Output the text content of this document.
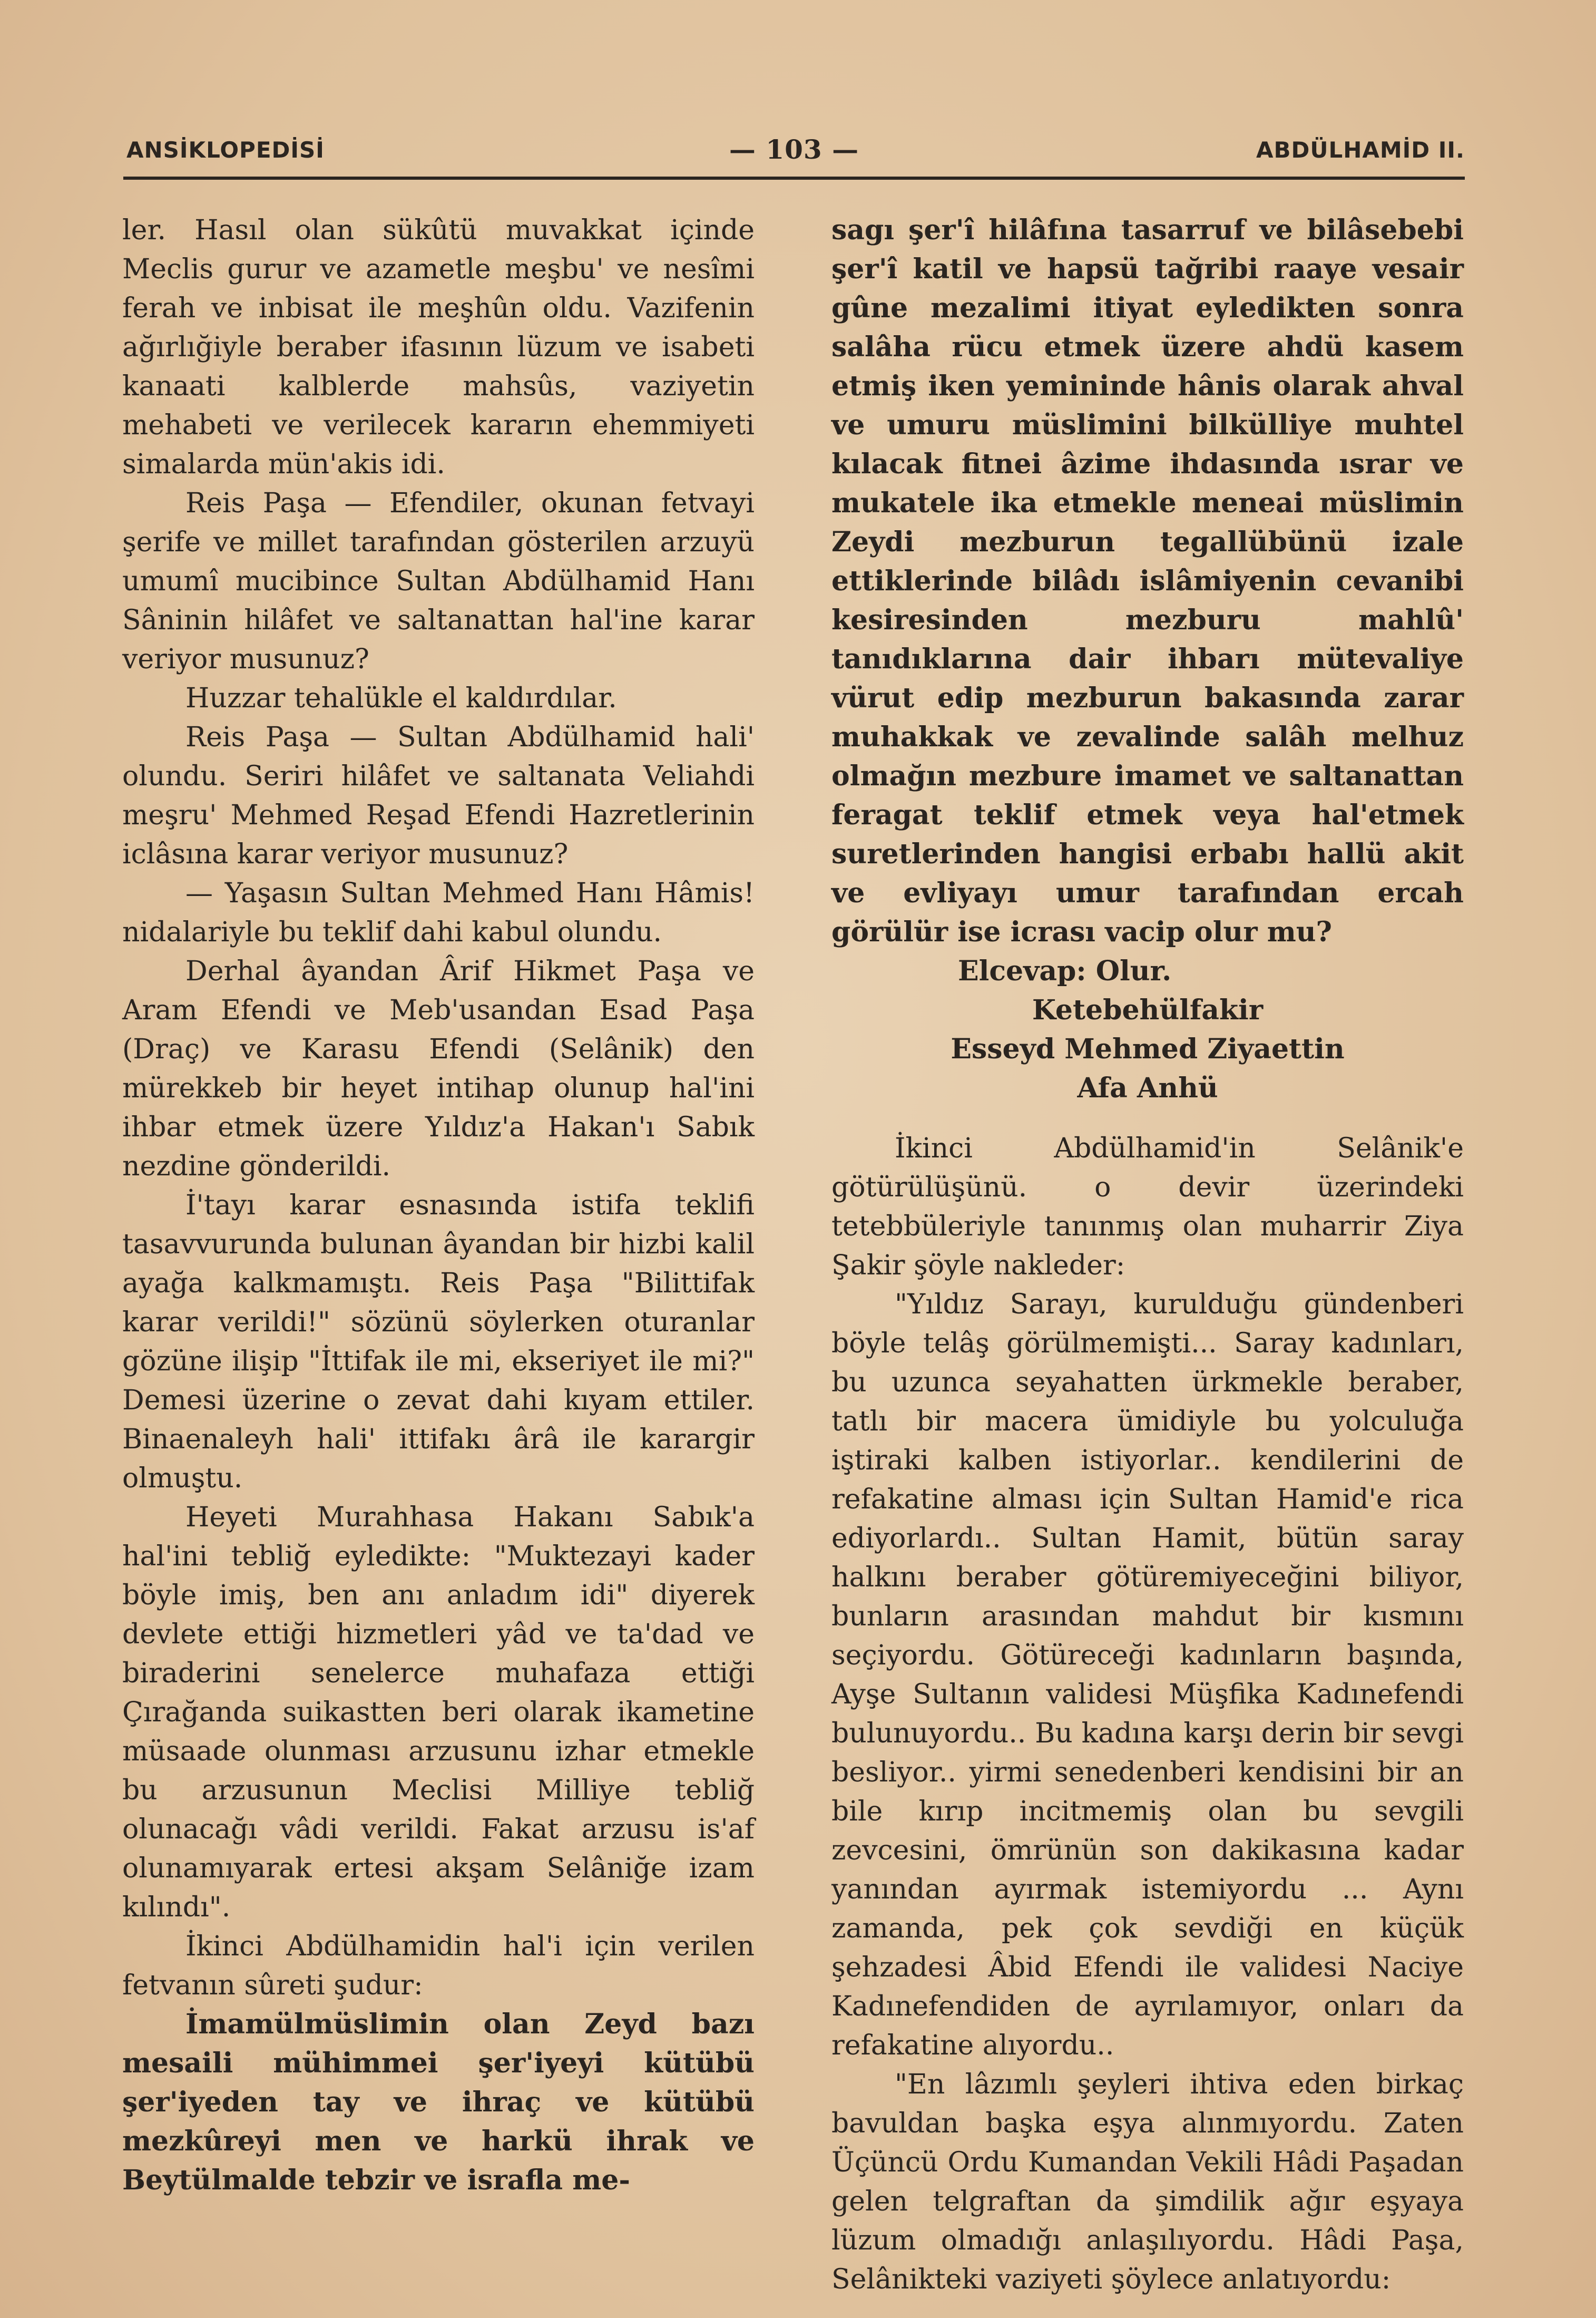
ANSİKLOPEDİSİ	— 103 —	ABDÜLHAMİD II.

ler. Hasıl olan sükûtü muvakkat içinde Meclis gurur ve azametle meşbu' ve nesîmi ferah ve inbisat ile meşhûn oldu. Vazifenin ağırlığiyle beraber ifasının lüzum ve isabeti kanaati kalblerde mahsûs, vaziyetin mehabeti ve verilecek kararın ehemmiyeti simalarda mün'akis idi.

Reis Paşa — Efendiler, okunan fetvayi şerife ve millet tarafından gösterilen arzuyü umumî mucibince Sultan Abdülhamid Hanı Sâninin hilâfet ve saltanattan hal'ine karar veriyor musunuz?

Huzzar tehalükle el kaldırdılar.

Reis Paşa — Sultan Abdülhamid hali' olundu. Seriri hilâfet ve saltanata Veliahdi meşru' Mehmed Reşad Efendi Hazretlerinin iclâsına karar veriyor musunuz?

— Yaşasın Sultan Mehmed Hanı Hâmis! nidalariyle bu teklif dahi kabul olundu.

Derhal âyandan Ârif Hikmet Paşa ve Aram Efendi ve Meb'usandan Esad Paşa (Draç) ve Karasu Efendi (Selânik) den mürekkeb bir heyet intihap olunup hal'ini ihbar etmek üzere Yıldız'a Hakan'ı Sabık nezdine gönderildi.

İ'tayı karar esnasında istifa teklifi tasavvurunda bulunan âyandan bir hizbi kalil ayağa kalkmamıştı. Reis Paşa "Bilittifak karar verildi!" sözünü söylerken oturanlar gözüne ilişip "İttifak ile mi, ekseriyet ile mi?" Demesi üzerine o zevat dahi kıyam ettiler. Binaenaleyh hali' ittifakı ârâ ile karargir olmuştu.

Heyeti Murahhasa Hakanı Sabık'a hal'ini tebliğ eyledikte: "Muktezayi kader böyle imiş, ben anı anladım idi" diyerek devlete ettiği hizmetleri yâd ve ta'dad ve biraderini senelerce muhafaza ettiği Çırağanda suikastten beri olarak ikametine müsaade olunması arzusunu izhar etmekle bu arzusunun Meclisi Milliye tebliğ olunacağı vâdi verildi. Fakat arzusu is'af olunamıyarak ertesi akşam Selâniğe izam kılındı".

İkinci Abdülhamidin hal'i için verilen fetvanın sûreti şudur:

İmamülmüslimin olan Zeyd bazı mesaili mühimmei şer'iyeyi kütübü şer'iyeden tay ve ihraç ve kütübü mezkûreyi men ve harkü ihrak ve Beytülmalde tebzir ve israfla me-

sagı şer'î hilâfına tasarruf ve bilâsebebi şer'î katil ve hapsü tağribi raaye vesair gûne mezalimi itiyat eyledikten sonra salâha rücu etmek üzere ahdü kasem etmiş iken yemininde hânis olarak ahval ve umuru müslimini bilkülliye muhtel kılacak fitnei âzime ihdasında ısrar ve mukatele ika etmekle meneai müslimin Zeydi mezburun tegallübünü izale ettiklerinde bilâdı islâmiyenin cevanibi kesiresinden mezburu mahlû' tanıdıklarına dair ihbarı mütevaliye vürut edip mezburun bakasında zarar muhakkak ve zevalinde salâh melhuz olmağın mezbure imamet ve saltanattan feragat teklif etmek veya hal'etmek suretlerinden hangisi erbabı hallü akit ve evliyayı umur tarafından ercah görülür ise icrası vacip olur mu?

Elcevap: Olur.

Ketebehülfakir

Esseyd Mehmed Ziyaettin

Afa Anhü

İkinci Abdülhamid'in Selânik'e götürülüşünü. o devir üzerindeki tetebbüleriyle tanınmış olan muharrir Ziya Şakir şöyle nakleder:

"Yıldız Sarayı, kurulduğu gündenberi böyle telâş görülmemişti... Saray kadınları, bu uzunca seyahatten ürkmekle beraber, tatlı bir macera ümidiyle bu yolculuğa iştiraki kalben istiyorlar.. kendilerini de refakatine alması için Sultan Hamid'e rica ediyorlardı.. Sultan Hamit, bütün saray halkını beraber götüremiyeceğini biliyor, bunların arasından mahdut bir kısmını seçiyordu. Götüreceği kadınların başında, Ayşe Sultanın validesi Müşfika Kadınefendi bulunuyordu.. Bu kadına karşı derin bir sevgi besliyor.. yirmi senedenberi kendisini bir an bile kırıp incitmemiş olan bu sevgili zevcesini, ömrünün son dakikasına kadar yanından ayırmak istemiyordu ... Aynı zamanda, pek çok sevdiği en küçük şehzadesi Âbid Efendi ile validesi Naciye Kadınefendiden de ayrılamıyor, onları da refakatine alıyordu..

"En lâzımlı şeyleri ihtiva eden birkaç bavuldan başka eşya alınmıyordu. Zaten Üçüncü Ordu Kumandan Vekili Hâdi Paşadan gelen telgraftan da şimdilik ağır eşyaya lüzum olmadığı anlaşılıyordu. Hâdi Paşa, Selânikteki vaziyeti şöylece anlatıyordu:
